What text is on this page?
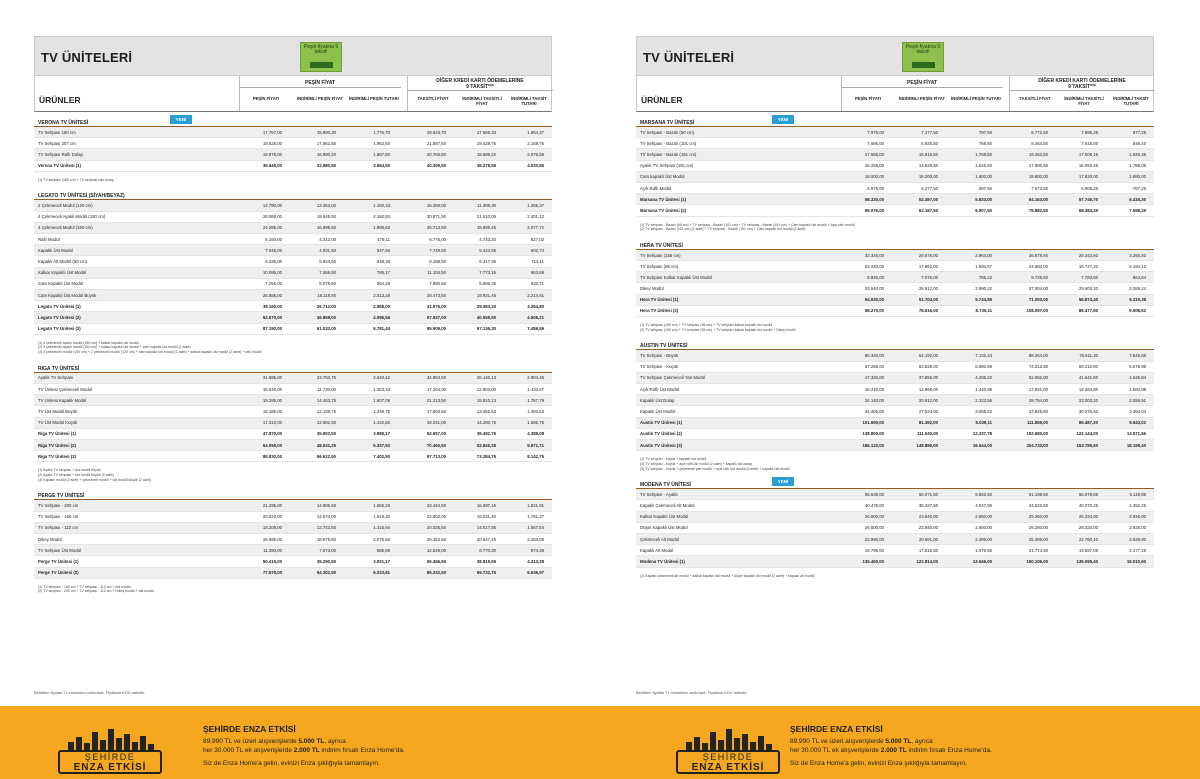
TV ÜNİTELERİ
Peşin fiyatına 9 taksit!
ÜRÜNLER
PEŞİN FİYAT	DİĞER KREDİ KARTI ÖDEMELERİNE
9 TAKSİT***
PEŞİN FİYATI	İNDİRİMLİ PEŞİN FİYAT	İNDİRİMLİ PEŞİN TUTARI	TAKSİTLİ FİYAT	İNDİRİMLİ TAKSİTLİ FİYAT
İNDİRİMLİ TAKSİT TUTARI
VERONA TV ÜNİTESİ
YENİ
TV Sehpası 180 cm	17.767,00	15.990,30	1.776,70	19.543,70	17.589,33	1.954,37
TV Sehpası 207 cm	19.625,00	17.662,50	1.962,50	21.587,50	19.428,75	2.158,75
TV Sehpası Raflı Dolap	18.878,00	16.990,20	1.887,80	20.765,80	18.689,22	2.076,58
Verona TV Ünitesi (1)	36.645,00	32.980,50	3.664,50	40.309,50	36.278,55	4.030,95
(1) TV sehpası (180 cm) + TV sehpası raflı dolap
LEGATO TV ÜNİTESİ (SİYAH/BEYAZ)
2 Çekmeceli Modül (120 cm)	14.790,00	13.353,00	1.150,33	16.269,00	11.388,30	1.265,37
4 Çekmeceli Ayaklı Modül (150 cm)	28.065,00	19.645,50	2.182,83	30.871,50	21.610,05	2.401,12
4 Çekmeceli Modül (150 cm)	24.285,00	16.999,50	1.888,83	26.713,50	18.699,45	2.077,72
Raflı Modül	6.160,00	4.312,00	479,11	6.776,00	4.743,20	527,02
Kapaklı Üst Modül	7.045,00	4.931,50	547,94	7.749,50	5.424,65	602,74
Kapaklı Alt Modül (60 cm)	8.335,00	5.834,50	648,28	9.168,50	6.417,95	713,11
Kalkar Kapaklı Üst Modül	10.095,00	7.066,50	785,17	11.104,50	7.773,15	863,68
Cam Kapaklı Üst Modül	7.255,00	5.078,50	564,28	7.980,50	5.586,35	620,71
Cam Kapaklı Üst Modül Büyük	25.885,00	18.119,50	2.013,28	28.473,50	19.931,45	2.214,61
Legato TV Ünitesi (1)	38.160,00	26.712,00	2.968,00	41.976,00	29.383,20	3.264,80
Legato TV Ünitesi (2)	52.670,00	36.869,00	4.096,56	57.937,00	40.555,90	4.506,21
Legato TV Ünitesi (3)	87.190,00	61.033,00	6.781,44	95.909,00	67.136,30	7.459,59
(1) 4 çekmeceli ayaklı modül (150 cm) + kalkar kapaklı üst modül
(2) 4 çekmeceli ayaklı modül (150 cm) + kalkar kapaklı üst modül + cam kapaklı üst modül (2 adet)
(3) 4 çekmeceli modül (150 cm) + 2 çekmeceli modül (120 cm) + cam kapaklı üst modül (2 adet) + kalkar kapaklı üst modül (2 adet) + raflı modül
RIGA TV ÜNİTESİ
Ayaklı TV Sehpası	31.685,00	23.763,75	2.640,42	34.853,50	26.140,13	2.904,46
TV Ünitesi Çekmeceli Modül	15.640,00	11.730,00	1.303,33	17.204,00	12.903,00	1.433,67
TV Ünitesi Kapaklı Modül	19.285,00	14.463,75	1.607,08	21.213,50	15.910,13	1.767,79
TV Üst Modül Büyük	16.185,00	12.138,75	1.348,75	17.803,50	13.352,63	1.483,63
TV Üst Modül Küçük	17.310,00	12.982,50	1.442,50	19.041,00	14.280,75	1.586,75
Riga TV Ünitesi (1)	47.870,00	35.902,50	3.989,17	52.657,00	39.492,75	4.388,08
Riga TV Ünitesi (2)	64.055,00	48.041,25	5.337,92	70.460,50	52.845,38	5.871,71
Riga TV Ünitesi (3)	88.830,00	66.622,50	7.402,50	97.713,00	73.284,75	8.142,75
(1) Ayaklı TV sehpası + üst modül büyük
(2) Ayaklı TV sehpası + üst modül büyük (2 adet)
(3) Kapaklı modül (2 adet) + çekmeceli modül + üst modül küçük (2 adet)
PERGE TV ÜNİTESİ
TV Sehpası - 200 cm	21.295,00	14.906,50	1.656,28	23.424,50	16.397,15	1.821,91
TV Sehpası - 160 cm	20.820,00	14.574,00	1.619,33	22.902,00	16.031,40	1.781,27
TV Sehpası - 110 cm	18.205,00	12.743,50	1.415,94	20.025,50	14.017,85	1.557,54
Dikey Modül	26.685,00	18.679,50	2.075,50	29.353,50	20.547,45	2.283,05
TV Sehpası Üst Modül	11.390,00	7.973,00	885,89	12.529,00	8.770,30	974,48
Perge TV Ünitesi (1)	50.415,00	35.290,50	3.921,17	55.456,50	38.819,55	4.313,28
Perge TV Ünitesi (2)	77.575,00	54.302,50	6.033,61	85.332,50	59.732,75	6.636,97
(1) TV sehpası - 160 cm + TV sehpası - 110 cm + üst modül
(2) TV sehpası - 200 cm + TV sehpası - 110 cm + Dikey modül + üst modül
TV ÜNİTELERİ
Peşin fiyatına 9 taksit!
ÜRÜNLER
PEŞİN FİYAT	DİĞER KREDİ KARTI ÖDEMELERİNE
9 TAKSİT***
PEŞİN FİYATI	İNDİRİMLİ PEŞİN FİYAT	İNDİRİMLİ PEŞİN TUTARI	TAKSİTLİ FİYAT	İNDİRİMLİ TAKSİTLİ FİYAT
İNDİRİMLİ TAKSİT TUTARI
MARSANA TV ÜNİTESİ
YENİ
TV Sehpası - Bazalı (50 cm)	7.975,00	7.177,50	797,50	8.772,50	7.895,25	877,25
TV Sehpası - Bazalı (101 cm)	7.695,00	6.925,50	769,50	8.464,50	7.618,05	846,45
TV Sehpası - Bazalı (151 cm)	17.685,00	15.916,50	1.768,50	19.453,50	17.508,15	1.945,35
Ayaklı TV Sehpası (181 cm)	16.255,00	14.629,50	1.625,50	17.880,50	16.092,45	1.788,05
Cam kapaklı Üst Modül	18.000,00	16.200,00	1.800,00	19.800,00	17.820,00	1.980,00
Açık Raflı Modül	6.975,00	6.277,50	697,50	7.672,50	6.905,25	767,25
Marsana TV Ünitesi (1)	58.330,00	52.497,00	5.833,00	64.163,00	57.746,70	6.416,30
Marsana TV Ünitesi (2)	69.075,00	62.167,50	6.907,50	75.982,50	68.384,25	7.598,25
(1) TV sehpası - Bazalı (50 cm) + TV sehpası - Bazalı (101 cm) + TV sehpası - Bazalı (151 cm) + Cam kapaklı üst modül + Açık raflı modül
(2) TV sehpası - Bazalı (101 cm) (2 adet) + TV sehpası - Bazalı (151 cm) + Cam kapaklı üst modül (2 adet)
HERA TV ÜNİTESİ
TV Sehpası (155 cm)	33.345,00	26.676,00	2.964,00	36.679,50	29.343,60	3.260,40
TV Sehpası (95 cm)	22.440,00	17.952,00	1.994,67	24.684,00	19.747,20	2.194,13
TV Sehpası Kalkar Kapaklı Üst Modül	8.845,00	7.076,00	786,22	9.729,50	7.783,60	864,84
Dikey Modül	33.640,00	26.912,00	2.990,22	37.004,00	29.603,20	3.289,24
Hera TV Ünitesi (1)	64.630,00	51.704,00	5.744,89	71.093,00	56.874,40	6.319,38
Hera TV Ünitesi (2)	98.270,00	78.616,00	8.735,11	108.097,00	86.477,60	9.608,62
(1) TV sehpası (155 cm) + TV sehpası (95 cm) + TV sehpası kalkar kapaklı üst modül
(2) TV sehpası (155 cm) + TV sehpası (95 cm) + TV sehpası kalkar kapaklı üst modül + Dikey modül
AUSTIN TV ÜNİTESİ
TV Sehpası - Büyük	80.340,00	64.192,00	7.132,44	88.264,00	70.611,20	7.845,69
TV Sehpası - Küçük	67.285,00	53.828,00	5.980,89	74.013,50	59.210,80	6.578,98
TV Sehpası Çekmeceli Yan Modül	47.320,00	37.856,00	4.206,22	52.052,00	41.641,60	4.626,84
Açık Raflı Üst Modül	16.210,00	12.968,00	1.440,89	17.831,00	14.264,80	1.584,98
Kapaklı Üst Dolap	26.140,00	20.912,00	2.323,56	28.754,00	23.003,20	2.555,91
Kapaklı Üst Modül	34.405,00	27.524,00	3.058,22	37.845,50	30.276,40	3.364,04
Austin TV Ünitesi (1)	101.690,00	81.352,00	9.039,11	111.859,00	89.487,20	9.943,02
Austin TV Ünitesi (2)	138.800,00	111.040,00	12.337,78	152.680,00	122.144,00	13.571,56
Austin TV Ünitesi (3)	186.120,00	148.896,00	16.544,00	204.732,00	163.785,60	18.198,40
(1) TV sehpası - küçük + kapaklı üst modül
(2) TV sehpası - büyük + açık raflı üst modül (2 adet) + kapaklı üst dolap
(3) TV sehpası - büyük + çekmeceli yan modül + açık raflı üst modül (2 adet) + kapaklı üst modül
MODENA TV ÜNİTESİ
YENİ
TV Sehpası - Ayaklı	55.635,00	50.071,50	5.563,50	61.198,50	55.078,65	6.119,85
Kapaklı Çekmeceli Alt Modül	40.475,00	36.427,50	4.047,50	44.522,50	40.070,25	4.452,25
Kalkar Kapaklı Üst Modül	26.600,00	23.940,00	2.660,00	29.260,00	26.334,00	2.926,00
Düşer Kapaklı Üst Modül	26.600,00	23.940,00	2.660,00	29.260,00	26.334,00	2.926,00
Çekmeceli Alt Modül	22.990,00	20.691,00	2.299,00	25.289,00	22.760,10	2.528,90
Kapaklı Alt Modül	19.795,00	17.815,50	1.979,50	21.774,50	19.597,05	2.177,45
Modena TV Ünitesi (1)	136.460,00	122.814,00	13.646,00	150.106,00	135.095,40	15.010,60
(1) Kapaklı çekmeceli alt modül + kalkar kapaklı üst modül + düşer kapaklı üst modül (2 adet) + kapaklı alt modül
Belirtilen fiyatlar TL cinsinden verilmiştir. Fiyatlara KDV dahildir.	Belirtilen fiyatlar TL cinsinden verilmiştir. Fiyatlara KDV dahildir.
ŞEHİRDE
ENZA ETKİSİ
ŞEHİRDE ENZA ETKİSİ
89.990 TL ve üzeri alışverişlerde 5.000 TL, ayrıca
her 30.000 TL ek alışverişlerde 2.000 TL indirim fırsatı Enza Home'da.
Siz de Enza Home'a gelin, evinizi Enza şıklığıyla tamamlayın.
ŞEHİRDE
ENZA ETKİSİ
ŞEHİRDE ENZA ETKİSİ
89.990 TL ve üzeri alışverişlerde 5.000 TL, ayrıca
her 30.000 TL ek alışverişlerde 2.000 TL indirim fırsatı Enza Home'da.
Siz de Enza Home'a gelin, evinizi Enza şıklığıyla tamamlayın.
